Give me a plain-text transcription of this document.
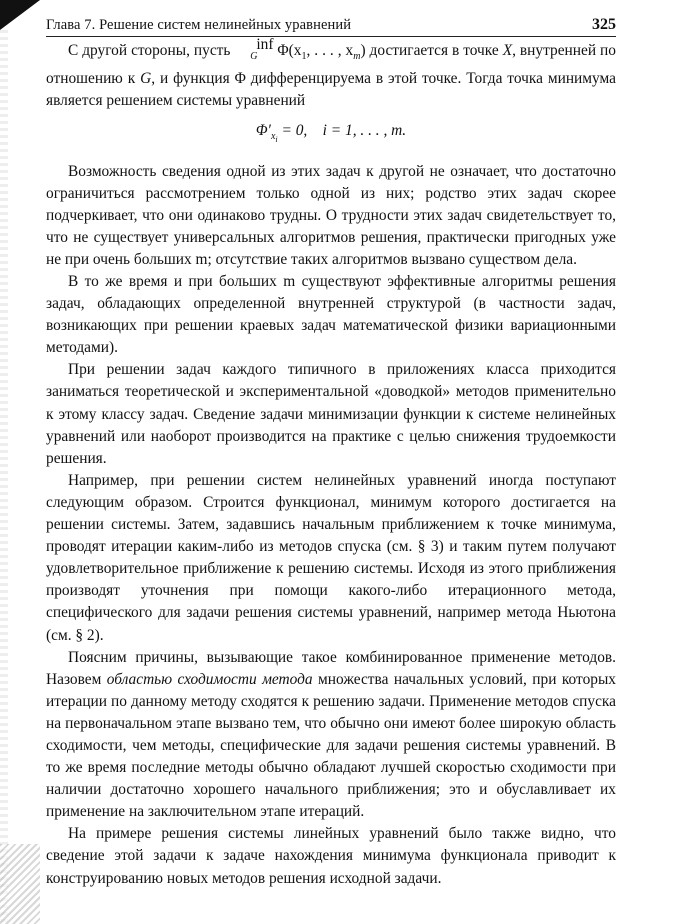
Глава 7. Решение систем нелинейных уравнений	325

С другой стороны, пусть inf
G $\Phi(x_1$, . . . , $x_m$) достигается в точке X, внутренней по отношению к G, и функция Φ дифференцируема в этой точке. Тогда точка минимума является решением системы уравнений

$\Phi'_{x_i} = 0$,    i = 1, . . . , m.

Возможность сведения одной из этих задач к другой не означает, что достаточно ограничиться рассмотрением только одной из них; родство этих задач скорее подчеркивает, что они одинаково трудны. О трудности этих задач свидетельствует то, что не существует универсальных алгоритмов решения, практически пригодных уже не при очень больших m; отсутствие таких алгоритмов вызвано существом дела.

В то же время и при больших m существуют эффективные алгоритмы решения задач, обладающих определенной внутренней структурой (в частности задач, возникающих при решении краевых задач математической физики вариационными методами).

При решении задач каждого типичного в приложениях класса приходится заниматься теоретической и экспериментальной «доводкой» методов применительно к этому классу задач. Сведение задачи минимизации функции к системе нелинейных уравнений или наоборот производится на практике с целью снижения трудоемкости решения.

Например, при решении систем нелинейных уравнений иногда поступают следующим образом. Строится функционал, минимум которого достигается на решении системы. Затем, задавшись начальным приближением к точке минимума, проводят итерации каким-либо из методов спуска (см. § 3) и таким путем получают удовлетворительное приближение к решению системы. Исходя из этого приближения производят уточнения при помощи какого-либо итерационного метода, специфического для задачи решения системы уравнений, например метода Ньютона (см. § 2).

Поясним причины, вызывающие такое комбинированное применение методов. Назовем областью сходимости метода множества начальных условий, при которых итерации по данному методу сходятся к решению задачи. Применение методов спуска на первоначальном этапе вызвано тем, что обычно они имеют более широкую область сходимости, чем методы, специфические для задачи решения системы уравнений. В то же время последние методы обычно обладают лучшей скоростью сходимости при наличии достаточно хорошего начального приближения; это и обуславливает их применение на заключительном этапе итераций.

На примере решения системы линейных уравнений было также видно, что сведение этой задачи к задаче нахождения минимума функционала приводит к конструированию новых методов решения исходной задачи.
